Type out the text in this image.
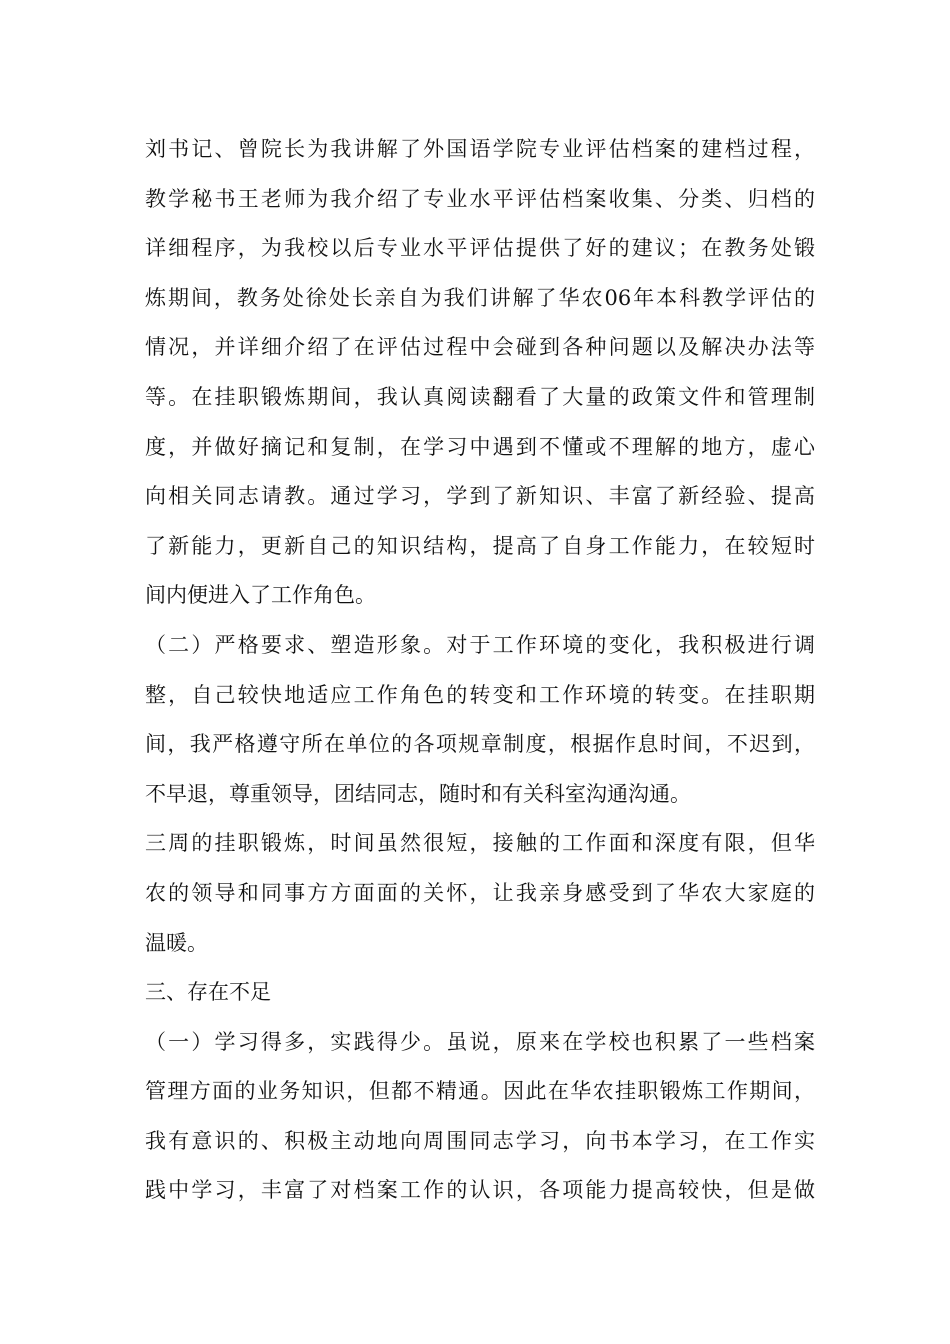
刘书记、曾院长为我讲解了外国语学院专业评估档案的建档过程，
教学秘书王老师为我介绍了专业水平评估档案收集、分类、归档的
详细程序，为我校以后专业水平评估提供了好的建议；在教务处锻
炼期间，教务处徐处长亲自为我们讲解了华农06年本科教学评估的
情况，并详细介绍了在评估过程中会碰到各种问题以及解决办法等
等。在挂职锻炼期间，我认真阅读翻看了大量的政策文件和管理制
度，并做好摘记和复制，在学习中遇到不懂或不理解的地方，虚心
向相关同志请教。通过学习，学到了新知识、丰富了新经验、提高
了新能力，更新自己的知识结构，提高了自身工作能力，在较短时
间内便进入了工作角色。
（二）严格要求、塑造形象。对于工作环境的变化，我积极进行调
整，自己较快地适应工作角色的转变和工作环境的转变。在挂职期
间，我严格遵守所在单位的各项规章制度，根据作息时间，不迟到，
不早退，尊重领导，团结同志，随时和有关科室沟通沟通。
三周的挂职锻炼，时间虽然很短，接触的工作面和深度有限，但华
农的领导和同事方方面面的关怀，让我亲身感受到了华农大家庭的
温暖。
三、存在不足
（一）学习得多，实践得少。虽说，原来在学校也积累了一些档案
管理方面的业务知识，但都不精通。因此在华农挂职锻炼工作期间，
我有意识的、积极主动地向周围同志学习，向书本学习，在工作实
践中学习，丰富了对档案工作的认识，各项能力提高较快，但是做
